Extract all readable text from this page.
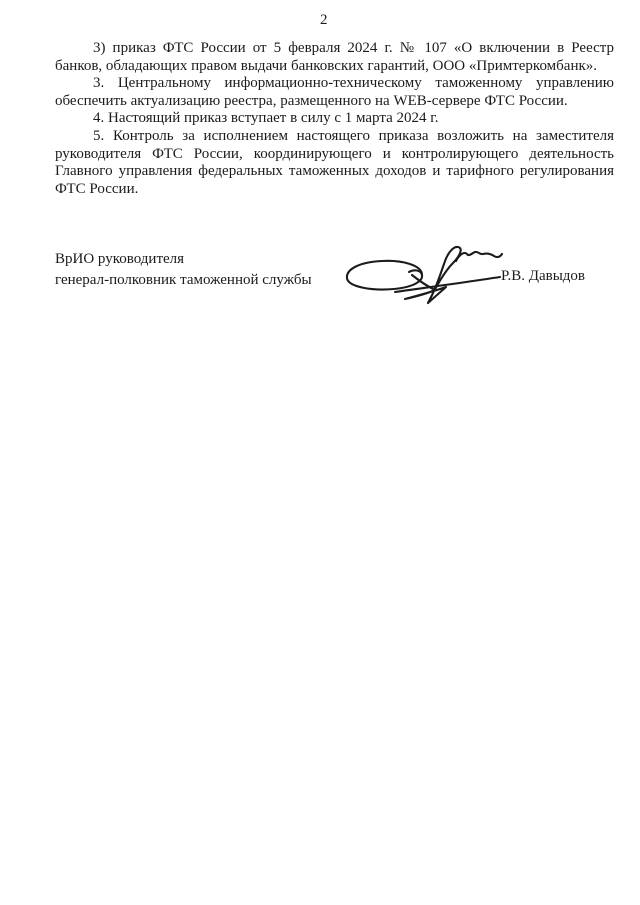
2

3) приказ ФТС России от 5 февраля 2024 г. № 107 «О включении в Реестр банков, обладающих правом выдачи банковских гарантий, ООО «Примтеркомбанк».

3. Центральному информационно-техническому таможенному управлению обеспечить актуализацию реестра, размещенного на WEB-сервере ФТС России.

4. Настоящий приказ вступает в силу с 1 марта 2024 г.

5. Контроль за исполнением настоящего приказа возложить на заместителя руководителя ФТС России, координирующего и контролирующего деятельность Главного управления федеральных таможенных доходов и тарифного регулирования ФТС России.

ВрИО руководителя
генерал-полковник таможенной службы	Р.В. Давыдов
